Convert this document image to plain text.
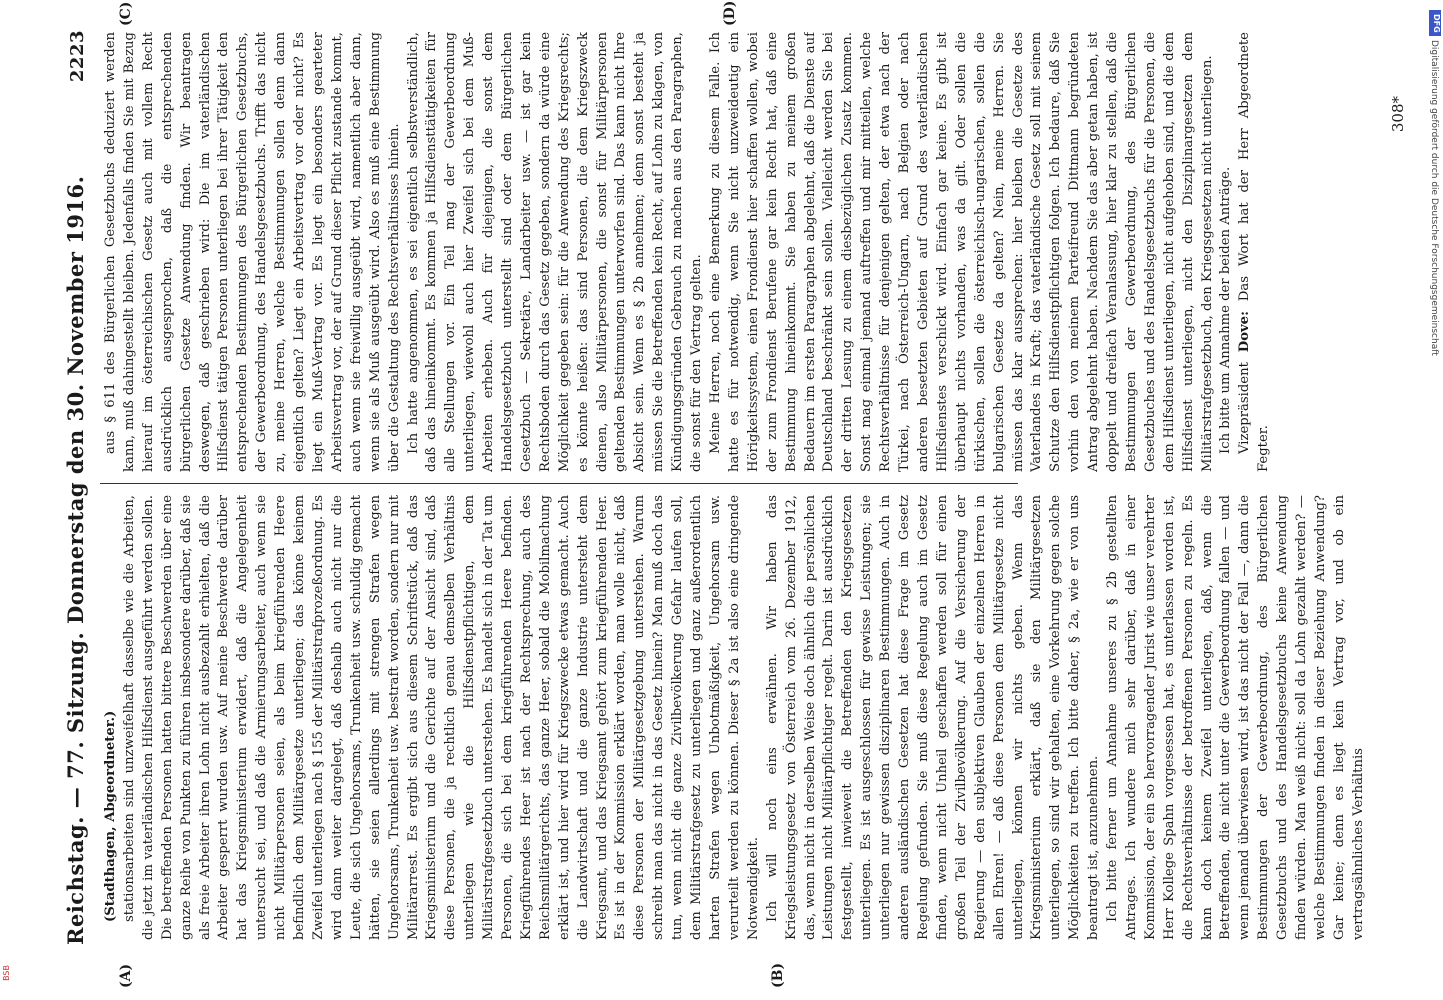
Reichstag. — 77. Sitzung. Donnerstag den 30. November 1916.
2223
(A)	(B)
(C)	(D)

(Stadthagen, Abgeordneter.) stationsarbeiten sind unzweifelhaft dasselbe wie die Arbeiten, die jetzt im vaterländischen Hilfsdienst ausgeführt werden sollen. Die betreffenden Personen hatten bittere Beschwerden über eine ganze Reihe von Punkten zu führen insbesondere darüber, daß sie als freie Arbeiter ihren Lohn nicht ausbezahlt erhielten, daß die Arbeiter gesperrt wurden usw. Auf meine Beschwerde darüber hat das Kriegsministerium erwidert, daß die Angelegenheit untersucht sei, und daß die Armierungsarbeiter, auch wenn sie nicht Militärpersonen seien, als beim kriegführenden Heere befindlich dem Militärgesetze unterliegen; das könne keinem Zweifel unterliegen nach § 155 der Militärstrafprozeßordnung. Es wird dann weiter dargelegt, daß deshalb auch nicht nur die Leute, die sich Ungehorsams, Trunkenheit usw. schuldig gemacht hätten, sie seien allerdings mit strengen Strafen wegen Ungehorsams, Trunkenheit usw. bestraft worden, sondern nur mit Militärarrest. Es ergibt sich aus diesem Schriftstück, daß das Kriegsministerium und die Gerichte auf der Ansicht sind, daß diese Personen, die ja rechtlich genau demselben Verhältnis unterliegen wie die Hilfsdienstpflichtigen, dem Militärstrafgesetzbuch unterstehen. Es handelt sich in der Tat um Personen, die sich bei dem kriegführenden Heere befinden. Kriegführendes Heer ist nach der Rechtsprechung, auch des Reichsmilitärgerichts, das ganze Heer, sobald die Mobilmachung erklärt ist, und hier wird für Kriegszwecke etwas gemacht. Auch die Landwirtschaft und die ganze Industrie untersteht dem Kriegsamt, und das Kriegsamt gehört zum kriegführenden Heer. Es ist in der Kommission erklärt worden, man wolle nicht, daß diese Personen der Militärgesetzgebung unterstehen. Warum schreibt man das nicht in das Gesetz hinein? Man muß doch das tun, wenn nicht die ganze Zivilbevölkerung Gefahr laufen soll, dem Militärstrafgesetz zu unterliegen und ganz außerordentlich harten Strafen wegen Unbotmäßigkeit, Ungehorsam usw. verurteilt werden zu können. Dieser § 2a ist also eine dringende Notwendigkeit. Ich will noch eins erwähnen. Wir haben das Kriegsleistungsgesetz von Österreich vom 26. Dezember 1912, das, wenn nicht in derselben Weise doch ähnlich die persönlichen Leistungen nicht Militärpflichtiger regelt. Darin ist ausdrücklich festgestellt, inwieweit die Betreffenden den Kriegsgesetzen unterliegen. Es ist ausgeschlossen für gewisse Leistungen; sie unterliegen nur gewissen disziplinaren Bestimmungen. Auch in anderen ausländischen Gesetzen hat diese Frage im Gesetz Regelung gefunden. Sie muß diese Regelung auch im Gesetz finden, wenn nicht Unheil geschaffen werden soll für einen großen Teil der Zivilbevölkerung. Auf die Versicherung der Regierung — den subjektiven Glauben der einzelnen Herren in allen Ehren! — daß diese Personen dem Militärgesetze nicht unterliegen, können wir nichts geben. Wenn das Kriegsministerium erklärt, daß sie den Militärgesetzen unterliegen, so sind wir gehalten, eine Vorkehrung gegen solche Möglichkeiten zu treffen. Ich bitte daher, § 2a, wie er von uns beantragt ist, anzunehmen. Ich bitte ferner um Annahme unseres zu § 2b gestellten Antrages. Ich wundere mich sehr darüber, daß in einer Kommission, der ein so hervorragender Jurist wie unser verehrter Herr Kollege Spahn vorgesessen hat, es unterlassen worden ist, die Rechtsverhältnisse der betroffenen Personen zu regeln. Es kann doch keinem Zweifel unterliegen, daß, wenn die Betreffenden, die nicht unter die Gewerbeordnung fallen — und wenn jemand überwiesen wird, ist das nicht der Fall —, dann die Bestimmungen der Gewerbeordnung, des Bürgerlichen Gesetzbuchs und des Handelsgesetzbuchs keine Anwendung finden würden. Man weiß nicht: soll da Lohn gezahlt werden? — welche Bestimmungen finden in dieser Beziehung Anwendung? Gar keine; denn es liegt kein Vertrag vor, und ob ein vertragsähnliches Verhältnis

aus § 611 des Bürgerlichen Gesetzbuchs deduziert werden kann, muß dahingestellt bleiben. Jedenfalls finden Sie mit Bezug hierauf im österreichischen Gesetz auch mit vollem Recht ausdrücklich ausgesprochen, daß die entsprechenden bürgerlichen Gesetze Anwendung finden. Wir beantragen deswegen, daß geschrieben wird: Die im vaterländischen Hilfsdienst tätigen Personen unterliegen bei ihrer Tätigkeit den entsprechenden Bestimmungen des Bürgerlichen Gesetzbuchs, der Gewerbeordnung, des Handelsgesetzbuchs. Trifft das nicht zu, meine Herren, welche Bestimmungen sollen denn dann eigentlich gelten? Liegt ein Arbeitsvertrag vor oder nicht? Es liegt ein Muß-Vertrag vor. Es liegt ein besonders gearteter Arbeitsvertrag vor, der auf Grund dieser Pflicht zustande kommt, auch wenn sie freiwillig ausgeübt wird, namentlich aber dann, wenn sie als Muß ausgeübt wird. Also es muß eine Bestimmung über die Gestaltung des Rechtsverhältnisses hinein. Ich hatte angenommen, es sei eigentlich selbstverständlich, daß das hineinkommt. Es kommen ja Hilfsdiensttätigkeiten für alle Stellungen vor. Ein Teil mag der Gewerbeordnung unterliegen, wiewohl auch hier Zweifel sich bei dem Muß-Arbeiten erheben. Auch für diejenigen, die sonst dem Handelsgesetzbuch unterstellt sind oder dem Bürgerlichen Gesetzbuch — Sekretäre, Landarbeiter usw. — ist gar kein Rechtsboden durch das Gesetz gegeben, sondern da würde eine Möglichkeit gegeben sein: für die Anwendung des Kriegsrechts; es könnte heißen: das sind Personen, die dem Kriegszweck dienen, also Militärpersonen, die sonst für Militärpersonen geltenden Bestimmungen unterworfen sind. Das kann nicht Ihre Absicht sein. Wenn es § 2b annehmen; denn sonst besteht ja müssen Sie die Betreffenden kein Recht, auf Lohn zu klagen, von Kündigungsgründen Gebrauch zu machen aus den Paragraphen, die sonst für den Vertrag gelten. Meine Herren, noch eine Bemerkung zu diesem Falle. Ich hatte es für notwendig, wenn Sie nicht unzweideutig ein Hörigkeitssystem, einen Frondienst hier schaffen wollen, wobei der zum Frondienst Berufene gar kein Recht hat, daß eine Bestimmung hineinkommt. Sie haben zu meinem großen Bedauern im ersten Paragraphen abgelehnt, daß die Dienste auf Deutschland beschränkt sein sollen. Vielleicht werden Sie bei der dritten Lesung zu einem diesbezüglichen Zusatz kommen. Sonst mag einmal jemand auftreffen und mir mitteilen, welche Rechtsverhältnisse für denjenigen gelten, der etwa nach der Türkei, nach Österreich-Ungarn, nach Belgien oder nach anderen besetzten Gebieten auf Grund des vaterländischen Hilfsdienstes verschickt wird. Einfach gar keine. Es gibt ist überhaupt nichts vorhanden, was da gilt. Oder sollen die türkischen, sollen die österreichisch-ungarischen, sollen die bulgarischen Gesetze da gelten? Nein, meine Herren. Sie müssen das klar aussprechen: hier bleiben die Gesetze des Vaterlandes in Kraft; das vaterländische Gesetz soll mit seinem Schutze den Hilfsdienstpflichtigen folgen. Ich bedaure, daß Sie vorhin den von meinem Parteifreund Dittmann begründeten Antrag abgelehnt haben. Nachdem Sie das aber getan haben, ist doppelt und dreifach Veranlassung, hier klar zu stellen, daß die Bestimmungen der Gewerbeordnung, des Bürgerlichen Gesetzbuches und des Handelsgesetzbuchs für die Personen, die dem Hilfsdienst unterliegen, nicht aufgehoben sind, und die dem Hilfsdienst unterliegen, nicht den Disziplinargesetzen dem Militärstrafgesetzbuch, den Kriegsgesetzen nicht unterliegen. Ich bitte um Annahme der beiden Anträge. Vizepräsident Dove: Das Wort hat der Herr Abgeordnete Fegter.

308*
DFG
Digitalisierung gefördert durch die Deutsche Forschungsgemeinschaft
BSB
